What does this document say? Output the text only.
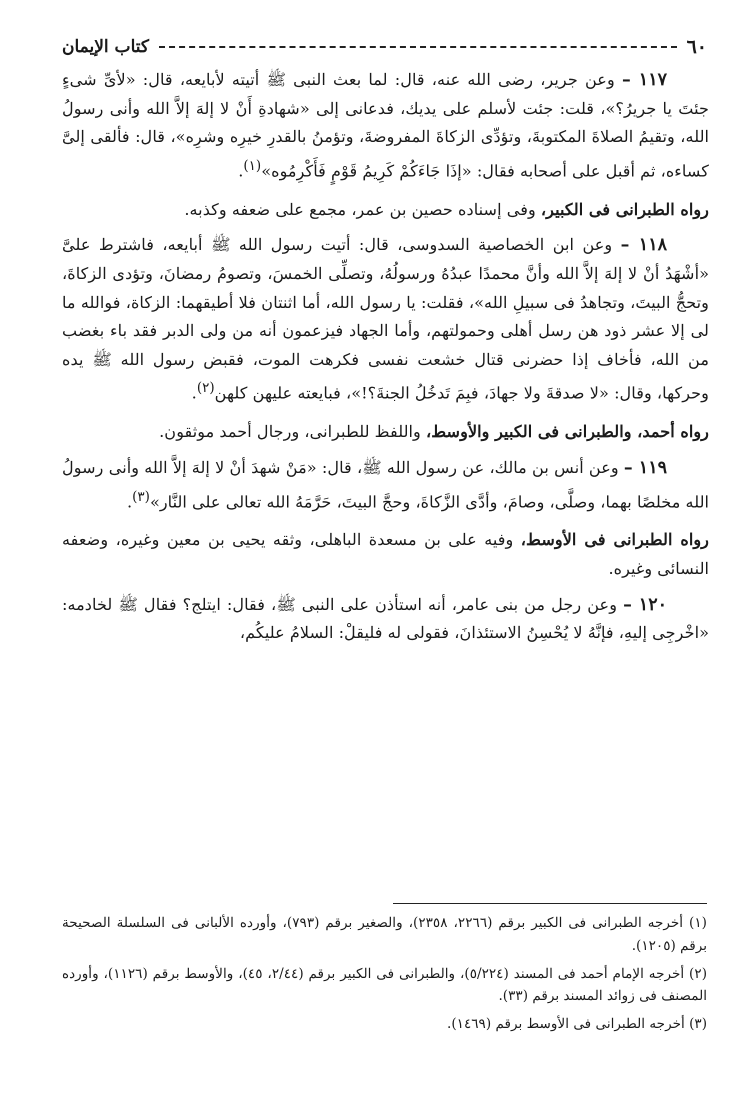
كتاب الإيمان	٦٠

١١٧ – وعن جرير، رضى الله عنه، قال: لما بعث النبى ﷺ أتيته لأبايعه، قال: «لأىِّ شىءٍ جئتَ يا جريرُ؟»، قلت: جئت لأسلم على يديك، فدعانى إلى «شهادةِ أَنْ لا إلهَ إلاَّ الله وأنى رسولُ الله، وتقيمُ الصلاةَ المكتوبةَ، وتؤدِّى الزكاةَ المفروضةَ، وتؤمنُ بالقدرِ خيرِه وشرِه»، قال: فألقى إلىَّ كساءه، ثم أقبل على أصحابه فقال: «إذَا جَاءَكُمْ كَرِيمُ قَوْمٍ فَأَكْرِمُوه»$^{(١)}$.

رواه الطبرانى فى الكبير، وفى إسناده حصين بن عمر، مجمع على ضعفه وكذبه.

١١٨ – وعن ابن الخصاصية السدوسى، قال: أتيت رسول الله ﷺ أبايعه، فاشترط علىَّ «أشْهَدُ أنْ لا إلهَ إلاَّ الله وأنَّ محمدًا عبدُهُ ورسولُهُ، وتصلِّى الخمسَ، وتصومُ رمضانَ، وتؤدى الزكاةَ، وتحجُّ البيتَ، وتجاهدُ فى سبيلِ الله»، فقلت: يا رسول الله، أما اثنتان فلا أطيقهما: الزكاة، فوالله ما لى إلا عشر ذود هن رسل أهلى وحمولتهم، وأما الجهاد فيزعمون أنه من ولى الدبر فقد باء بغضب من الله، فأخاف إذا حضرنى قتال خشعت نفسى فكرهت الموت، فقبض رسول الله ﷺ يده وحركها، وقال: «لا صدقةَ ولا جهادَ، فبِمَ تَدخُلُ الجنةَ؟!»، فبايعته عليهن كلهن$^{(٢)}$.

رواه أحمد، والطبرانى فى الكبير والأوسط، واللفظ للطبرانى، ورجال أحمد موثقون.

١١٩ – وعن أنس بن مالك، عن رسول الله ﷺ، قال: «مَنْ شهدَ أنْ لا إلهَ إلاَّ الله وأنى رسولُ الله مخلصًا بهما، وصلَّى، وصامَ، وأدَّى الزَّكاةَ، وحجَّ البيتَ، حَرَّمَهُ الله تعالى على النَّار»$^{(٣)}$.

رواه الطبرانى فى الأوسط، وفيه على بن مسعدة الباهلى، وثقه يحيى بن معين وغيره، وضعفه النسائى وغيره.

١٢٠ – وعن رجل من بنى عامر، أنه استأذن على النبى ﷺ، فقال: ايتلج؟ فقال ﷺ لخادمه: «اخْرجِى إليهِ، فإنَّهُ لا يُحْسِنُ الاستئذانَ، فقولى له فليقلْ: السلامُ عليكُم،

(١) أخرجه الطبرانى فى الكبير برقم (٢٢٦٦، ٢٣٥٨)، والصغير برقم (٧٩٣)، وأورده الألبانى فى السلسلة الصحيحة برقم (١٢٠٥).

(٢) أخرجه الإمام أحمد فى المسند (٥/٢٢٤)، والطبرانى فى الكبير برقم (٢/٤٤، ٤٥)، والأوسط برقم (١١٢٦)، وأورده المصنف فى زوائد المسند برقم (٣٣).

(٣) أخرجه الطبرانى فى الأوسط برقم (١٤٦٩).
